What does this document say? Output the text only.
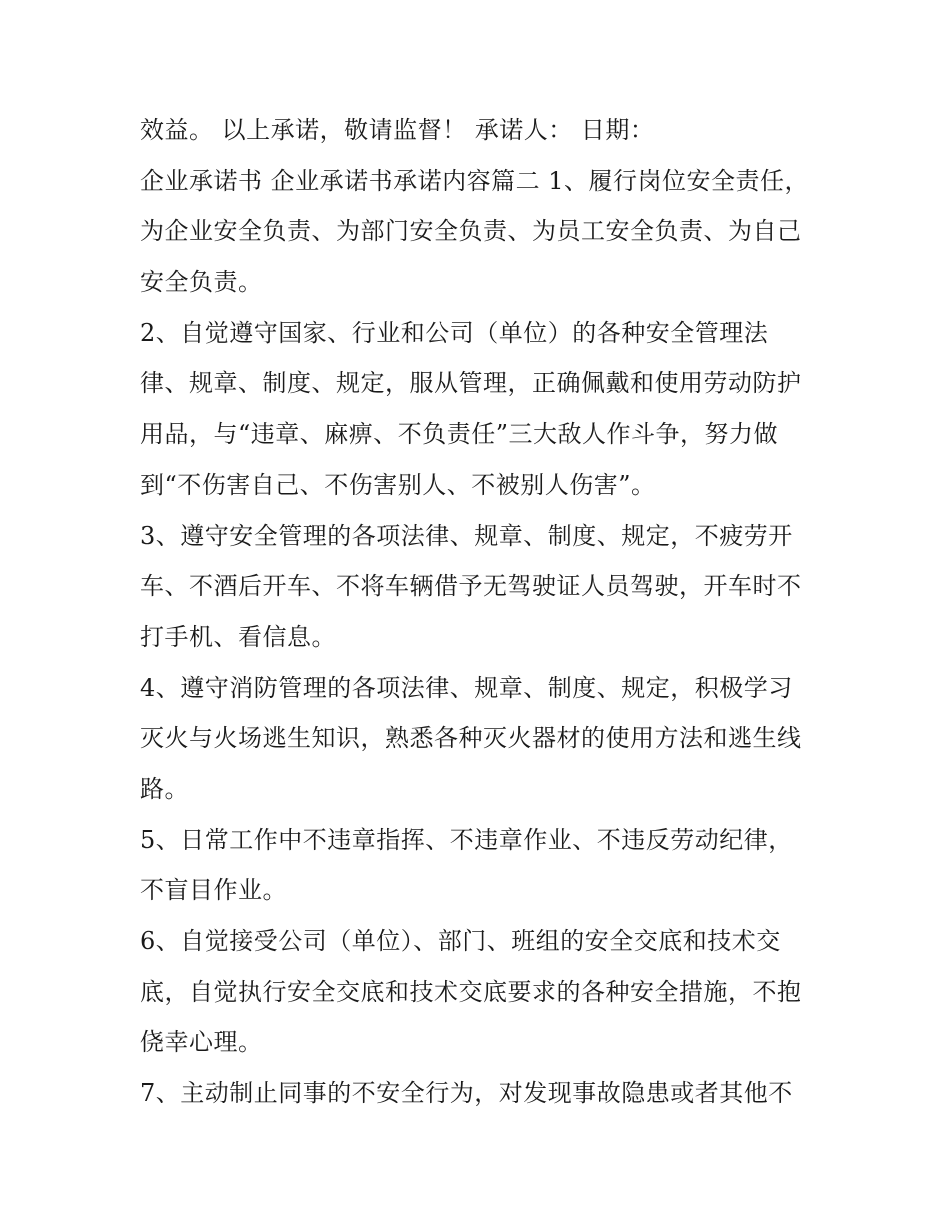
效益。 以上承诺，敬请监督！ 承诺人： 日期：
企业承诺书 企业承诺书承诺内容篇二 1、履行岗位安全责任，
为企业安全负责、为部门安全负责、为员工安全负责、为自己
安全负责。
2、自觉遵守国家、行业和公司（单位）的各种安全管理法
律、规章、制度、规定，服从管理，正确佩戴和使用劳动防护
用品，与“违章、麻痹、不负责任”三大敌人作斗争，努力做
到“不伤害自己、不伤害别人、不被别人伤害”。
3、遵守安全管理的各项法律、规章、制度、规定，不疲劳开
车、不酒后开车、不将车辆借予无驾驶证人员驾驶，开车时不
打手机、看信息。
4、遵守消防管理的各项法律、规章、制度、规定，积极学习
灭火与火场逃生知识，熟悉各种灭火器材的使用方法和逃生线
路。
5、日常工作中不违章指挥、不违章作业、不违反劳动纪律，
不盲目作业。
6、自觉接受公司（单位）、部门、班组的安全交底和技术交
底，自觉执行安全交底和技术交底要求的各种安全措施，不抱
侥幸心理。
7、主动制止同事的不安全行为，对发现事故隐患或者其他不
